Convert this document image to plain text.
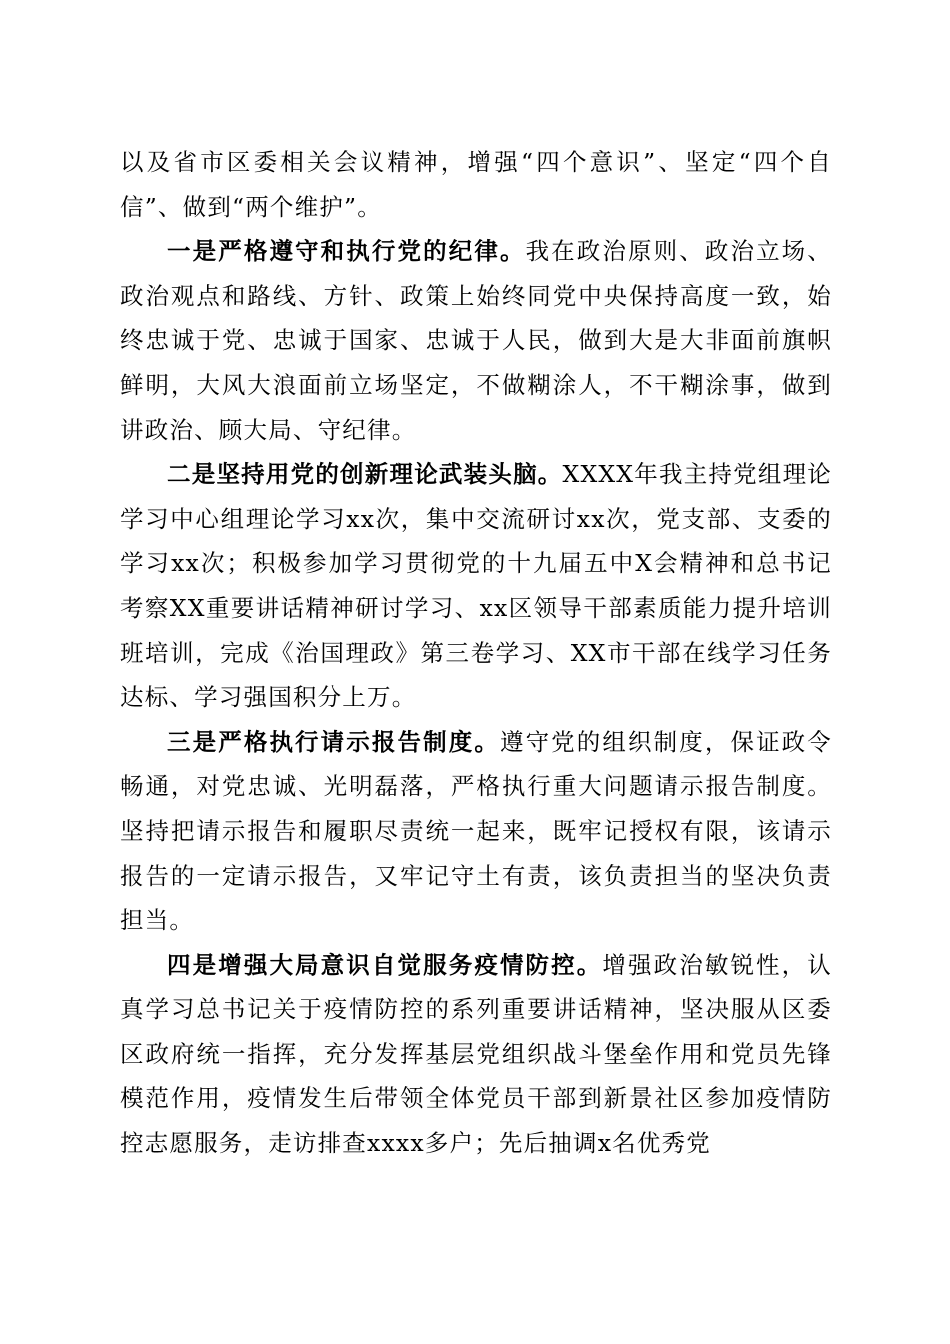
以及省市区委相关会议精神，增强“四个意识”、坚定“四个自信”、做到“两个维护”。

一是严格遵守和执行党的纪律。我在政治原则、政治立场、政治观点和路线、方针、政策上始终同党中央保持高度一致，始终忠诚于党、忠诚于国家、忠诚于人民，做到大是大非面前旗帜鲜明，大风大浪面前立场坚定，不做糊涂人，不干糊涂事，做到讲政治、顾大局、守纪律。

二是坚持用党的创新理论武装头脑。XXXX年我主持党组理论学习中心组理论学习xx次，集中交流研讨xx次，党支部、支委的学习xx次；积极参加学习贯彻党的十九届五中X会精神和总书记考察XX重要讲话精神研讨学习、xx区领导干部素质能力提升培训班培训，完成《治国理政》第三卷学习、XX市干部在线学习任务达标、学习强国积分上万。

三是严格执行请示报告制度。遵守党的组织制度，保证政令畅通，对党忠诚、光明磊落，严格执行重大问题请示报告制度。坚持把请示报告和履职尽责统一起来，既牢记授权有限，该请示报告的一定请示报告，又牢记守土有责，该负责担当的坚决负责担当。

四是增强大局意识自觉服务疫情防控。增强政治敏锐性，认真学习总书记关于疫情防控的系列重要讲话精神，坚决服从区委区政府统一指挥，充分发挥基层党组织战斗堡垒作用和党员先锋模范作用，疫情发生后带领全体党员干部到新景社区参加疫情防控志愿服务，走访排查xxxx多户；先后抽调x名优秀党
